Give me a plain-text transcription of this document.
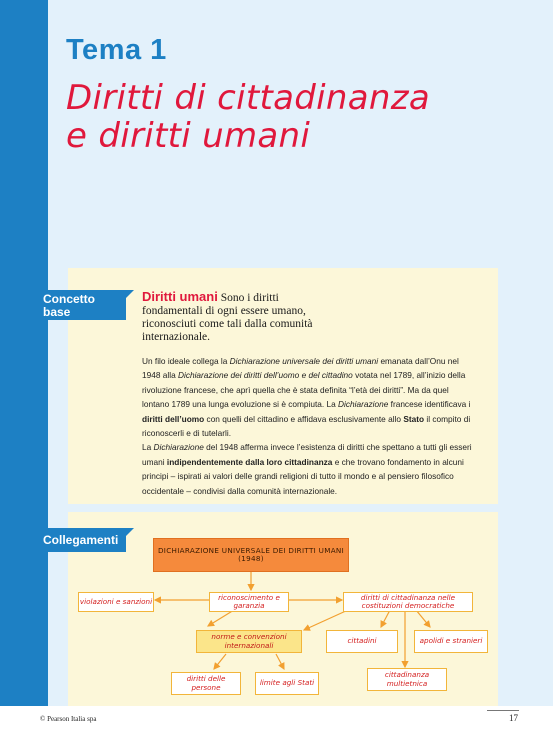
Tema 1
Diritti di cittadinanza
e diritti umani
Concetto
base
Diritti umani Sono i diritti fondamentali di ogni essere umano, riconosciuti come tali dalla comunità internazionale.

Un filo ideale collega la Dichiarazione universale dei diritti umani emanata dall’Onu nel 1948 alla Dichiarazione dei diritti dell’uomo e del cittadino votata nel 1789, all’inizio della rivoluzione francese, che aprì quella che è stata definita “l’età dei diritti”. Ma da quel lontano 1789 una lunga evoluzione si è compiuta. La Dichiarazione francese identificava i diritti dell’uomo con quelli del cittadino e affidava esclusivamente allo Stato il compito di riconoscerli e di tutelarli.

La Dichiarazione del 1948 afferma invece l’esistenza di diritti che spettano a tutti gli esseri umani indipendentemente dalla loro cittadinanza e che trovano fondamento in alcuni principi – ispirati ai valori delle grandi religioni di tutto il mondo e al pensiero filosofico occidentale – condivisi dalla comunità internazionale.

Collegamenti
DICHIARAZIONE UNIVERSALE DEI DIRITTI UMANI (1948)
violazioni e sanzioni	riconoscimento e garanzia
diritti di cittadinanza nelle costituzioni democratiche
norme e convenzioni internazionali	cittadini	apolidi e stranieri
diritti delle persone	limite agli Stati
cittadinanza multietnica
© Pearson Italia spa	17
